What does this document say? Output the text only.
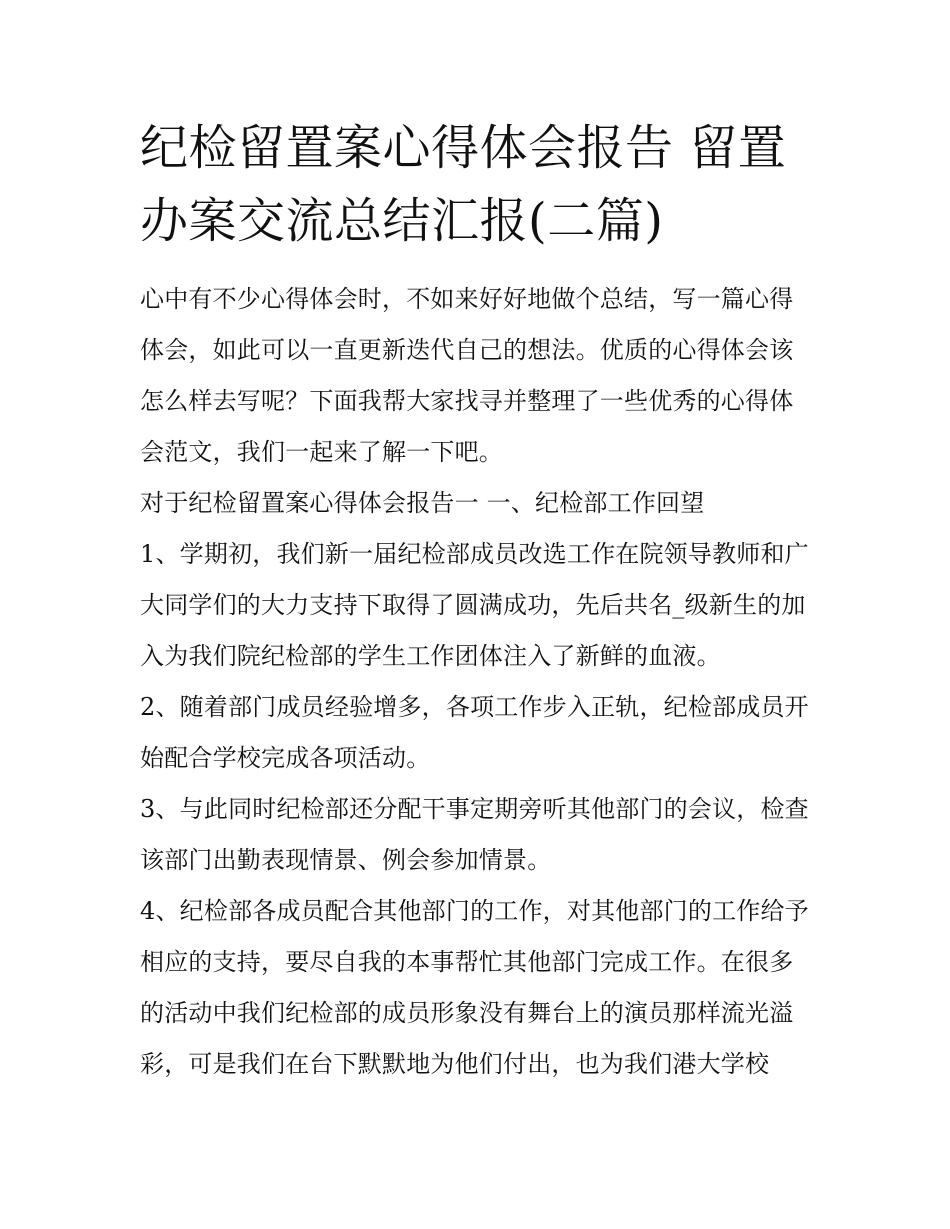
纪检留置案心得体会报告 留置办案交流总结汇报(二篇)

心中有不少心得体会时，不如来好好地做个总结，写一篇心得体会，如此可以一直更新迭代自己的想法。优质的心得体会该怎么样去写呢？下面我帮大家找寻并整理了一些优秀的心得体会范文，我们一起来了解一下吧。

对于纪检留置案心得体会报告一 一、纪检部工作回望

1、学期初，我们新一届纪检部成员改选工作在院领导教师和广大同学们的大力支持下取得了圆满成功，先后共名_级新生的加入为我们院纪检部的学生工作团体注入了新鲜的血液。

2、随着部门成员经验增多，各项工作步入正轨，纪检部成员开始配合学校完成各项活动。

3、与此同时纪检部还分配干事定期旁听其他部门的会议，检查该部门出勤表现情景、例会参加情景。

4、纪检部各成员配合其他部门的工作，对其他部门的工作给予相应的支持，要尽自我的本事帮忙其他部门完成工作。在很多的活动中我们纪检部的成员形象没有舞台上的演员那样流光溢彩，可是我们在台下默默地为他们付出，也为我们港大学校
